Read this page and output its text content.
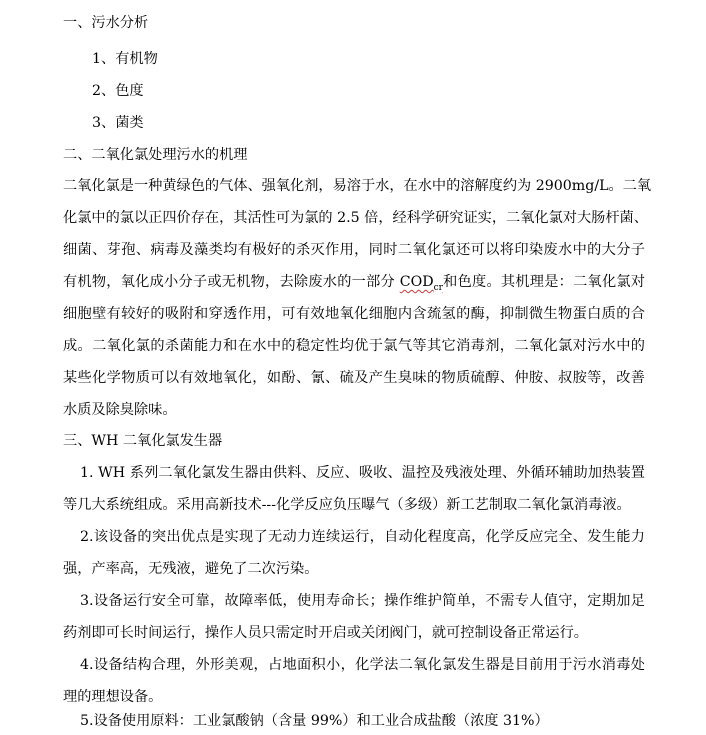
一、污水分析
1、有机物
2、色度
3、菌类
二、二氧化氯处理污水的机理
二氧化氯是一种黄绿色的气体、强氧化剂，易溶于水，在水中的溶解度约为 2900mg/L。二氧
化氯中的氯以正四价存在，其活性可为氯的 2.5 倍，经科学研究证实，二氧化氯对大肠杆菌、
细菌、芽孢、病毒及藻类均有极好的杀灭作用，同时二氧化氯还可以将印染废水中的大分子
有机物，氧化成小分子或无机物，去除废水的一部分 $COD_{cr}$和色度。其机理是：二氧化氯对
细胞壁有较好的吸附和穿透作用，可有效地氧化细胞内含巯氢的酶，抑制微生物蛋白质的合
成。二氧化氯的杀菌能力和在水中的稳定性均优于氯气等其它消毒剂，二氧化氯对污水中的
某些化学物质可以有效地氧化，如酚、氰、硫及产生臭味的物质硫醇、仲胺、叔胺等，改善
水质及除臭除味。
三、WH 二氧化氯发生器
1. WH 系列二氧化氯发生器由供料、反应、吸收、温控及残液处理、外循环辅助加热装置
等几大系统组成。采用高新技术---化学反应负压曝气（多级）新工艺制取二氧化氯消毒液。
2.该设备的突出优点是实现了无动力连续运行，自动化程度高，化学反应完全、发生能力
强，产率高，无残液，避免了二次污染。
3.设备运行安全可靠，故障率低，使用寿命长；操作维护简单，不需专人值守，定期加足
药剂即可长时间运行，操作人员只需定时开启或关闭阀门，就可控制设备正常运行。
4.设备结构合理，外形美观，占地面积小，化学法二氧化氯发生器是目前用于污水消毒处
理的理想设备。
5.设备使用原料：工业氯酸钠（含量 99%）和工业合成盐酸（浓度 31%）
